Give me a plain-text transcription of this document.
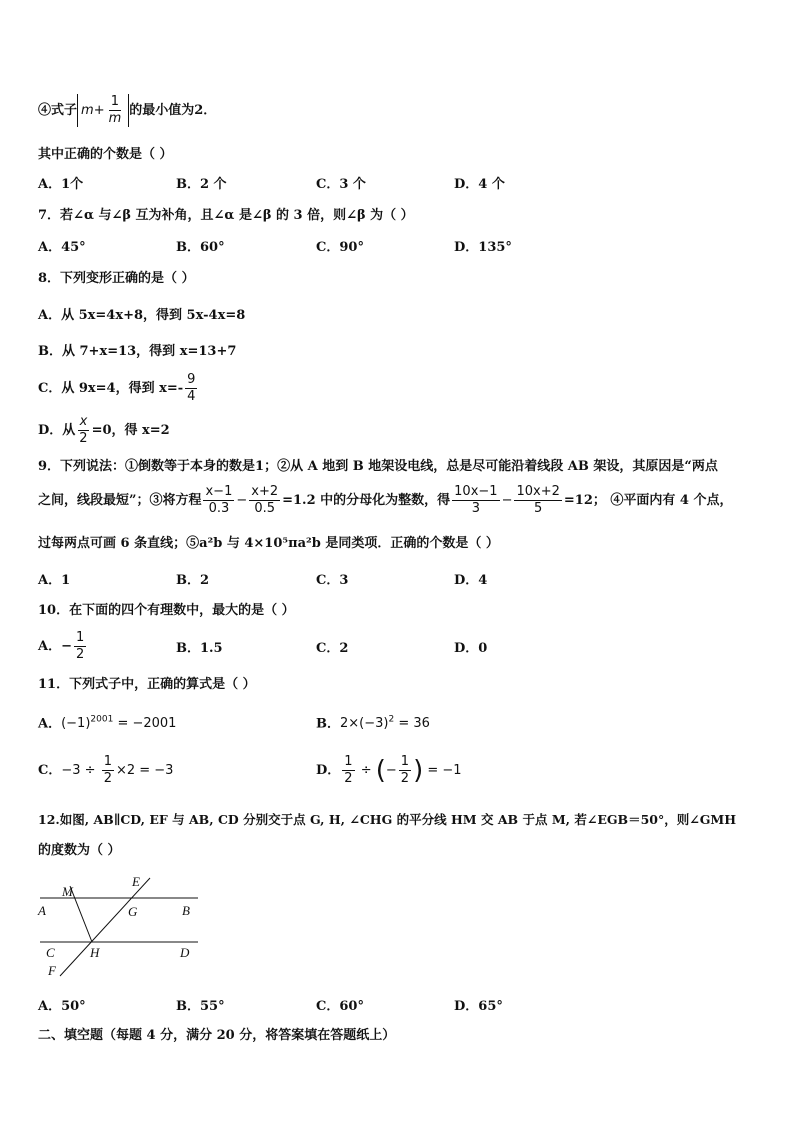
④式子 $m+ \frac{1}{m}$ 的最小值为2．
其中正确的个数是（ ）
A．1个	B．2 个	C．3 个	D．4 个
7．若∠α 与∠β 互为补角，且∠α 是∠β 的 3 倍，则∠β 为（ ）
A．45°	B．60°	C．90°	D．135°
8．下列变形正确的是（ ）
A．从 5x=4x+8，得到 5x-4x=8
B．从 7+x=13，得到 x=13+7
C．从 9x=4，得到 $x=- \frac{9}{4}$
D．从 $\frac{x}{2} =0$，得 x=2
9．下列说法：①倒数等于本身的数是1；②从 A 地到 B 地架设电线，总是尽可能沿着线段 AB 架设，其原因是“两点
之间，线段最短”；③将方程 $\frac{x-1}{0.3} - \frac{x+2}{0.5} =1.2$ 中的分母化为整数，得 $\frac{10x-1}{3} - \frac{10x+2}{5} =12$； ④平面内有 4 个点，
过每两点可画 6 条直线；⑤a²b 与 4×10⁵πa²b 是同类项．正确的个数是（ ）
A．1	B．2	C．3	D．4
10．在下面的四个有理数中，最大的是（ ）
A．− $\frac{1}{2}$	B．1.5	C．2	D．0
11．下列式子中，正确的算式是（ ）
A．$(-1)^{2001} = -2001$	B．$2\times(-3)^2 = 36$
C．$-3 \div \frac{1}{2} \times 2 = -3$	D． $\frac{1}{2}$ ÷ (− $\frac{1}{2}$ ) = −1
12.如图, AB∥CD, EF 与 AB, CD 分别交于点 G, H, ∠CHG 的平分线 HM 交 AB 于点 M, 若∠EGB＝50°，则∠GMH
的度数为（ ）
M
E
A	G	B
C	H	D
F
A．50°	B．55°	C．60°	D．65°
二、填空题（每题 4 分，满分 20 分，将答案填在答题纸上）
